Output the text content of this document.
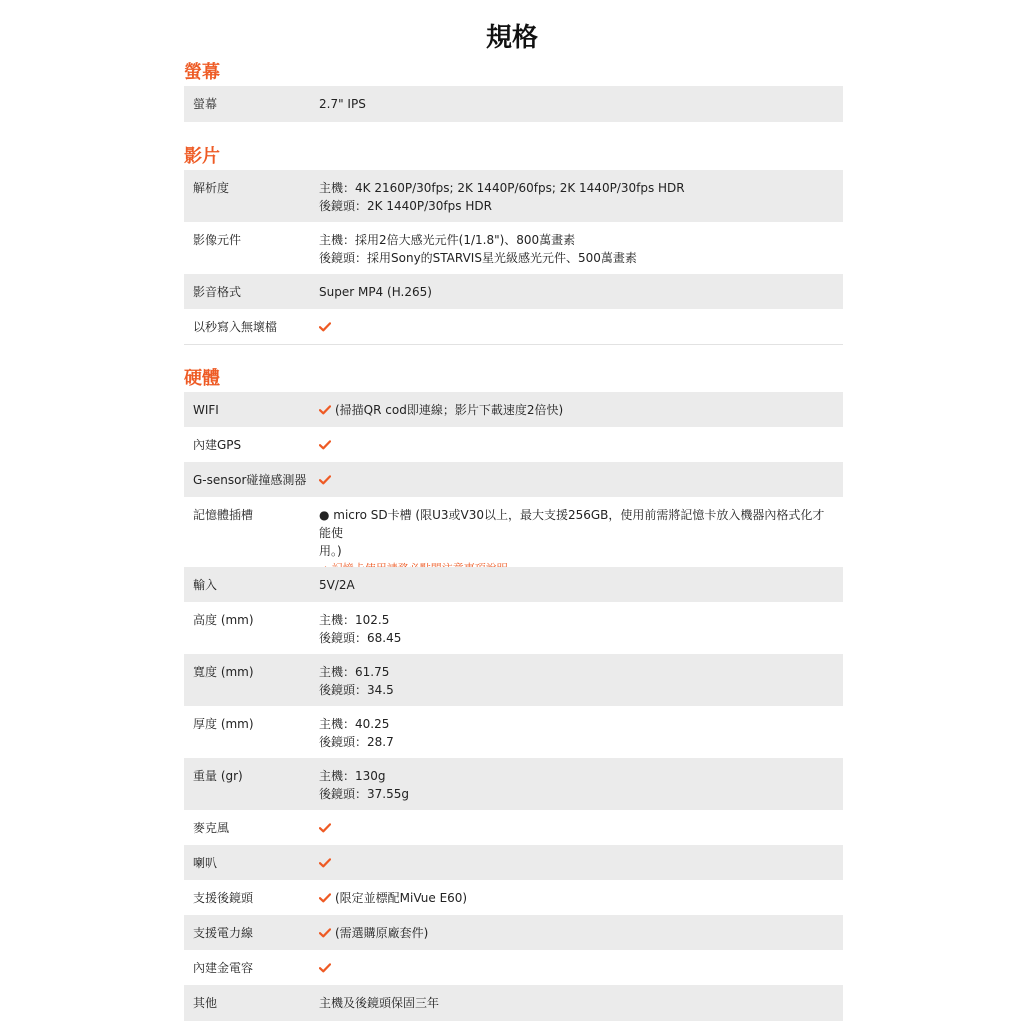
規格
螢幕
螢幕	2.7" IPS
影片
解析度	主機：4K 2160P/30fps; 2K 1440P/60fps; 2K 1440P/30fps HDR
後鏡頭：2K 1440P/30fps HDR
影像元件	主機：採用2倍大感光元件(1/1.8")、800萬畫素
後鏡頭：採用Sony的STARVIS星光級感光元件、500萬畫素
影音格式	Super MP4 (H.265)
以秒寫入無壞檔
硬體
WIFI	(掃描QR cod即連線；影片下載速度2倍快)
內建GPS
G-sensor碰撞感測器
記憶體插槽	● micro SD卡槽 (限U3或V30以上，最大支援256GB，使用前需將記憶卡放入機器內格式化才能使
用。)
輸入	5V/2A
高度 (mm)	主機：102.5
後鏡頭：68.45
寬度 (mm)	主機：61.75
後鏡頭：34.5
厚度 (mm)	主機：40.25
後鏡頭：28.7
重量 (gr)	主機：130g
後鏡頭：37.55g
麥克風
喇叭
支援後鏡頭	(限定並標配MiVue E60)
支援電力線	(需選購原廠套件)
內建金電容
其他	主機及後鏡頭保固三年
